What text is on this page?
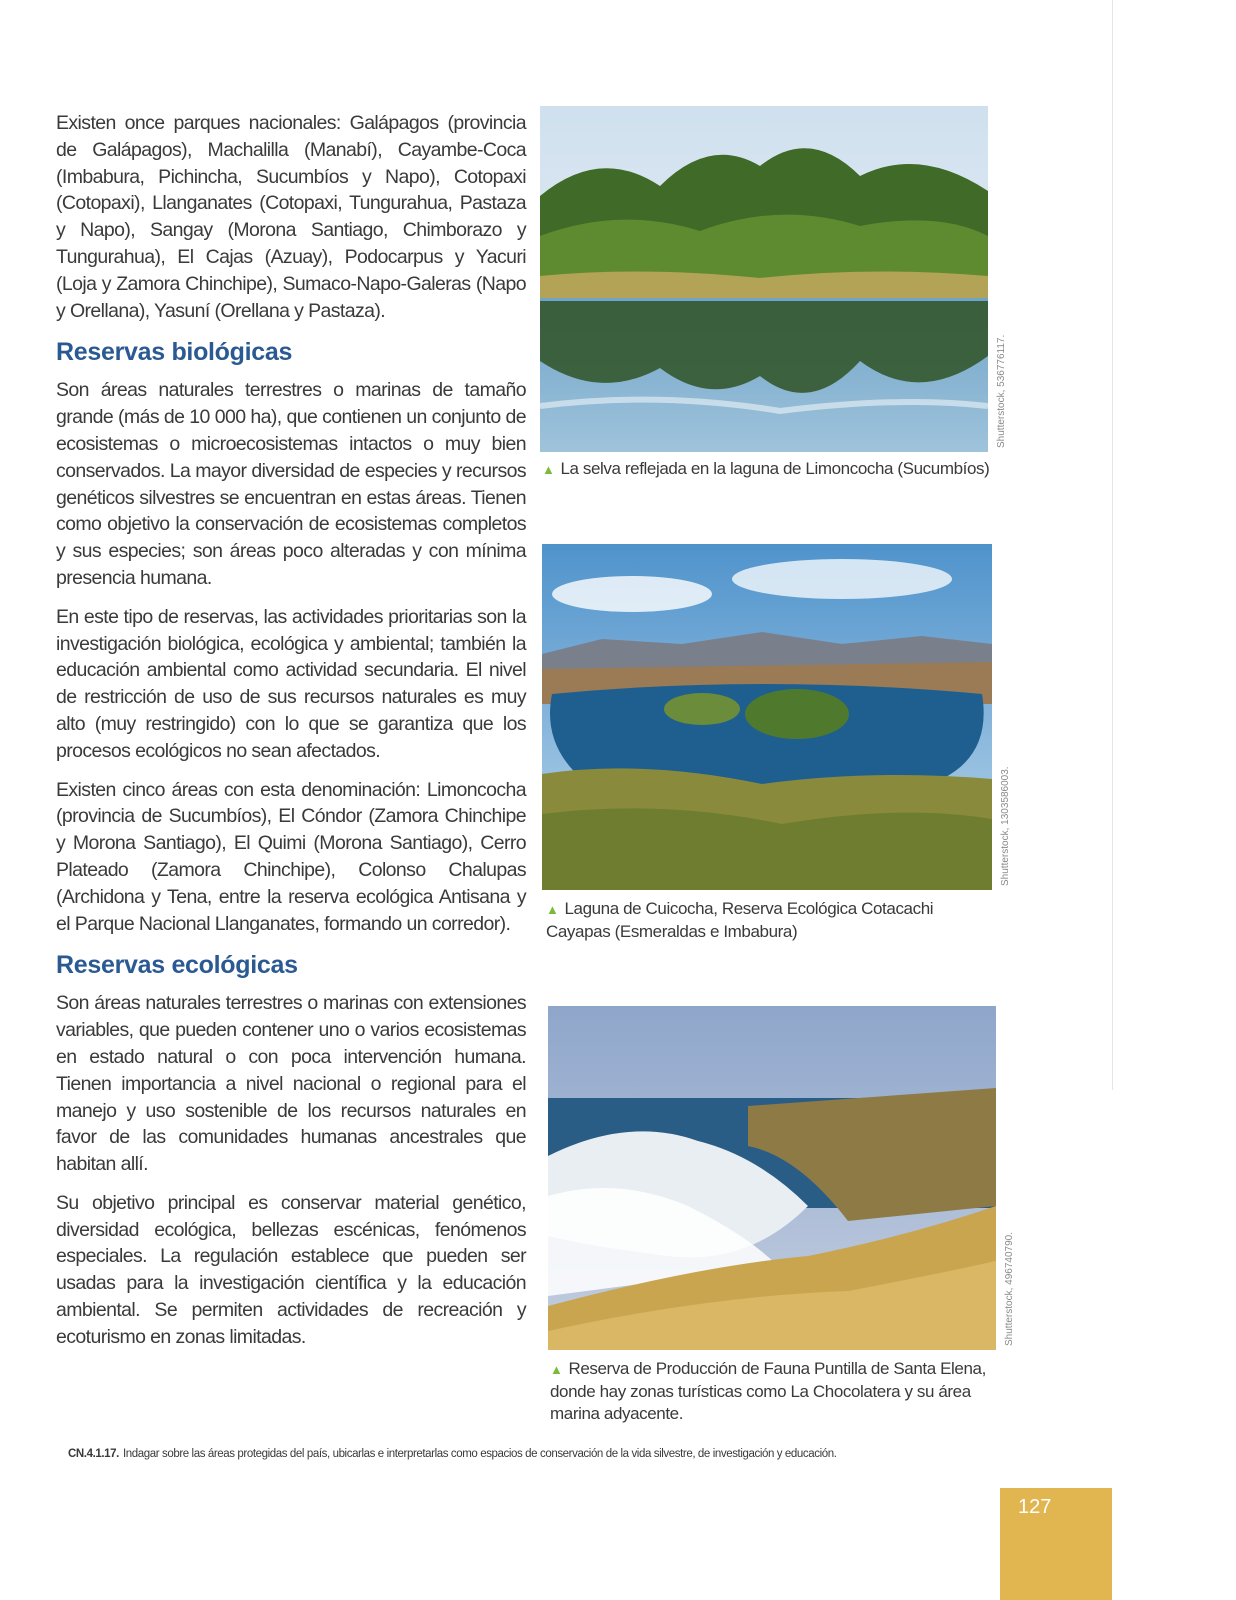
Existen once parques nacionales: Galápagos (provincia de Galápagos), Machalilla (Manabí), Cayambe-Coca (Imbabura, Pichincha, Sucumbíos y Napo), Cotopaxi (Cotopaxi), Llanganates (Cotopaxi, Tungurahua, Pastaza y Napo), Sangay (Morona Santiago, Chimborazo y Tungurahua), El Cajas (Azuay), Podocarpus y Yacuri (Loja y Zamora Chinchipe), Sumaco-Napo-Galeras (Napo y Orellana), Yasuní (Orellana y Pastaza).

Reservas biológicas

Son áreas naturales terrestres o marinas de tamaño grande (más de 10 000 ha), que contienen un conjunto de ecosistemas o microecosistemas intactos o muy bien conservados. La mayor diversidad de especies y recursos genéticos silvestres se encuentran en estas áreas. Tienen como objetivo la conservación de ecosistemas completos y sus especies; son áreas poco alteradas y con mínima presencia humana.

En este tipo de reservas, las actividades prioritarias son la investigación biológica, ecológica y ambiental; también la educación ambiental como actividad secundaria. El nivel de restricción de uso de sus recursos naturales es muy alto (muy restringido) con lo que se garantiza que los procesos ecológicos no sean afectados.

Existen cinco áreas con esta denominación: Limoncocha (provincia de Sucumbíos), El Cóndor (Zamora Chinchipe y Morona Santiago), El Quimi (Morona Santiago), Cerro Plateado (Zamora Chinchipe), Colonso Chalupas (Archidona y Tena, entre la reserva ecológica Antisana y el Parque Nacional Llanganates, formando un corredor).

Reservas ecológicas

Son áreas naturales terrestres o marinas con extensiones variables, que pueden contener uno o varios ecosistemas en estado natural o con poca intervención humana. Tienen importancia a nivel nacional o regional para el manejo y uso sostenible de los recursos naturales en favor de las comunidades humanas ancestrales que habitan allí.

Su objetivo principal es conservar material genético, diversidad ecológica, bellezas escénicas, fenómenos especiales. La regulación establece que pueden ser usadas para la investigación científica y la educación ambiental. Se permiten actividades de recreación y ecoturismo en zonas limitadas.

Shutterstock, 536776117.
▲ La selva reflejada en la laguna de Limoncocha (Sucumbíos)
Shutterstock, 1303586003.
▲ Laguna de Cuicocha, Reserva Ecológica Cotacachi Cayapas (Esmeraldas e Imbabura)
Shutterstock, 496740790.
▲ Reserva de Producción de Fauna Puntilla de Santa Elena, donde hay zonas turísticas como La Chocolatera y su área marina adyacente.
CN.4.1.17. Indagar sobre las áreas protegidas del país, ubicarlas e interpretarlas como espacios de conservación de la vida silvestre, de investigación y educación.
127
